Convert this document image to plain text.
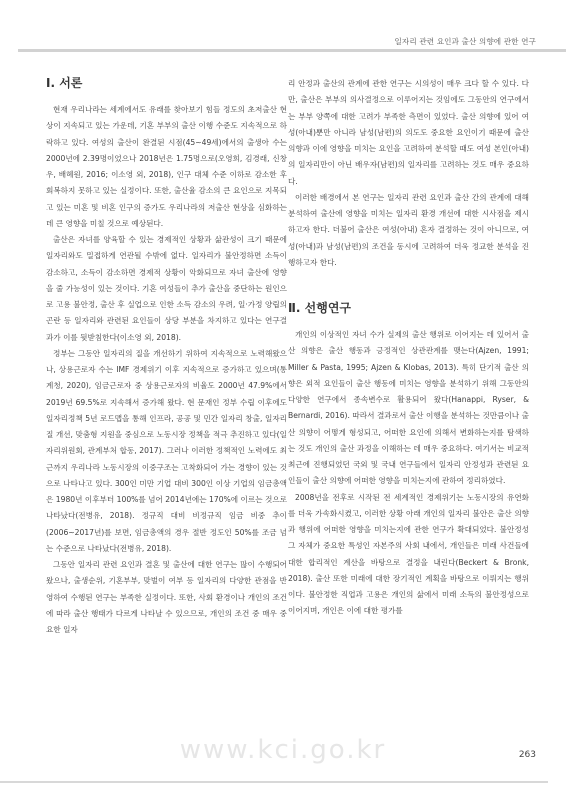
일자리 관련 요인과 출산 의향에 관한 연구
Ⅰ. 서론

현재 우리나라는 세계에서도 유래를 찾아보기 힘들 정도의 초저출산 현상이 지속되고 있는 가운데, 기혼 부부의 출산 이행 수준도 지속적으로 하락하고 있다. 여성의 출산이 완결된 시점(45~49세)에서의 출생아 수는 2000년에 2.39명이었으나 2018년은 1.75명으로(오영희, 김경래, 신창우, 배혜원, 2016; 이소영 외, 2018), 인구 대체 수준 이하로 감소한 후 회복하지 못하고 있는 실정이다. 또한, 출산율 감소의 큰 요인으로 지목되고 있는 미혼 및 비혼 인구의 증가도 우리나라의 저출산 현상을 심화하는 데 큰 영향을 미칠 것으로 예상된다.

출산은 자녀를 양육할 수 있는 경제적인 상황과 삶관성이 크기 때문에 일자리와도 밀접하게 연관될 수밖에 없다. 일자리가 불안정하면 소득이 감소하고, 소득이 감소하면 경제적 상황이 악화되므로 자녀 출산에 영향을 줄 가능성이 있는 것이다. 기혼 여성들이 추가 출산을 중단하는 원인으로 고용 불안정, 출산 후 실업으로 인한 소득 감소의 우려, 일·가정 양립의 곤란 등 일자리와 관련된 요인들이 상당 부분을 차지하고 있다는 연구결과가 이를 뒷받침한다(이소영 외, 2018).

정부는 그동안 일자리의 질을 개선하기 위하여 지속적으로 노력해왔으나, 상용근로자 수는 IMF 경제위기 이후 지속적으로 증가하고 있으며(통계청, 2020), 임금근로자 중 상용근로자의 비율도 2000년 47.9%에서 2019년 69.5%로 지속해서 증가해 왔다. 현 문재인 정부 수립 이후에도 일자리정책 5년 로드맵을 통해 인프라, 공공 및 민간 일자리 창출, 일자리 질 개선, 맞춤형 지원을 중심으로 노동시장 정책을 적극 추진하고 있다(일자리위원회, 관계부처 합동, 2017). 그러나 이러한 정책적인 노력에도 최근까지 우리나라 노동시장의 이중구조는 고착화되어 가는 경향이 있는 것으로 나타나고 있다. 300인 미만 기업 대비 300인 이상 기업의 임금총액은 1980년 이후부터 100%를 넘어 2014년에는 170%에 이르는 것으로 나타났다(전병유, 2018). 정규직 대비 비정규직 임금 비중 추이(2006~2017년)를 보면, 임금총액의 경우 절반 정도인 50%를 조금 넘는 수준으로 나타났다(전병유, 2018).

그동안 일자리 관련 요인과 결혼 및 출산에 대한 연구는 많이 수행되어 왔으나, 출생순위, 기혼부부, 맞벌이 여부 등 일자리의 다양한 관점을 반영하여 수행된 연구는 부족한 실정이다. 또한, 사회 환경이나 개인의 조건에 따라 출산 행태가 다르게 나타날 수 있으므로, 개인의 조건 중 매우 중요한 일자

리 안정과 출산의 관계에 관한 연구는 시의성이 매우 크다 할 수 있다. 다만, 출산은 부부의 의사결정으로 이루어지는 것임에도 그동안의 연구에서는 부부 양쪽에 대한 고려가 부족한 측면이 있었다. 출산 의향에 있어 여성(아내)뿐만 아니라 남성(남편)의 의도도 중요한 요인이기 때문에 출산 의향과 이에 영향을 미치는 요인을 고려하여 분석할 때도 여성 본인(아내)의 일자리만이 아닌 배우자(남편)의 일자리를 고려하는 것도 매우 중요하다.

이러한 배경에서 본 연구는 일자리 관련 요인과 출산 간의 관계에 대해 분석하여 출산에 영향을 미치는 일자리 환경 개선에 대한 시사점을 제시하고자 한다. 더불어 출산은 여성(아내) 혼자 결정하는 것이 아니므로, 여성(아내)과 남성(남편)의 조건을 동시에 고려하여 더욱 정교한 분석을 진행하고자 한다.

Ⅱ. 선행연구

개인의 이상적인 자녀 수가 실제의 출산 행위로 이어지는 데 있어서 출산 의향은 출산 행동과 긍정적인 상관관계를 맺는다(Ajzen, 1991; Miller & Pasta, 1995; Ajzen & Klobas, 2013). 특히 단기적 출산 의향은 외적 요인들이 출산 행동에 미치는 영향을 분석하기 위해 그동안의 다양한 연구에서 종속변수로 활용되어 왔다(Hanappi, Ryser, & Bernardi, 2016). 따라서 결과로서 출산 이행을 분석하는 것만큼이나 출산 의향이 어떻게 형성되고, 어떠한 요인에 의해서 변화하는지를 탐색하는 것도 개인의 출산 과정을 이해하는 데 매우 중요하다. 여기서는 비교적 최근에 진행되었던 국외 및 국내 연구들에서 일자리 안정성과 관련된 요인들이 출산 의향에 어떠한 영향을 미치는지에 관하여 정리하였다.

2008년을 전후로 시작된 전 세계적인 경제위기는 노동시장의 유연화를 더욱 가속화시켰고, 이러한 상황 아래 개인의 일자리 불안은 출산 의향과 행위에 어떠한 영향을 미치는지에 관한 연구가 확대되었다. 불안정성 그 자체가 중요한 특성인 자본주의 사회 내에서, 개인들은 미래 사건들에 대한 합리적인 계산을 바탕으로 결정을 내린다(Beckert & Bronk, 2018). 출산 또한 미래에 대한 장기적인 계획을 바탕으로 이뤄지는 행위이다. 불안정한 직업과 고용은 개인의 삶에서 미래 소득의 불안정성으로 이어지며, 개인은 이에 대한 평가를

www.kci.go.kr	263
